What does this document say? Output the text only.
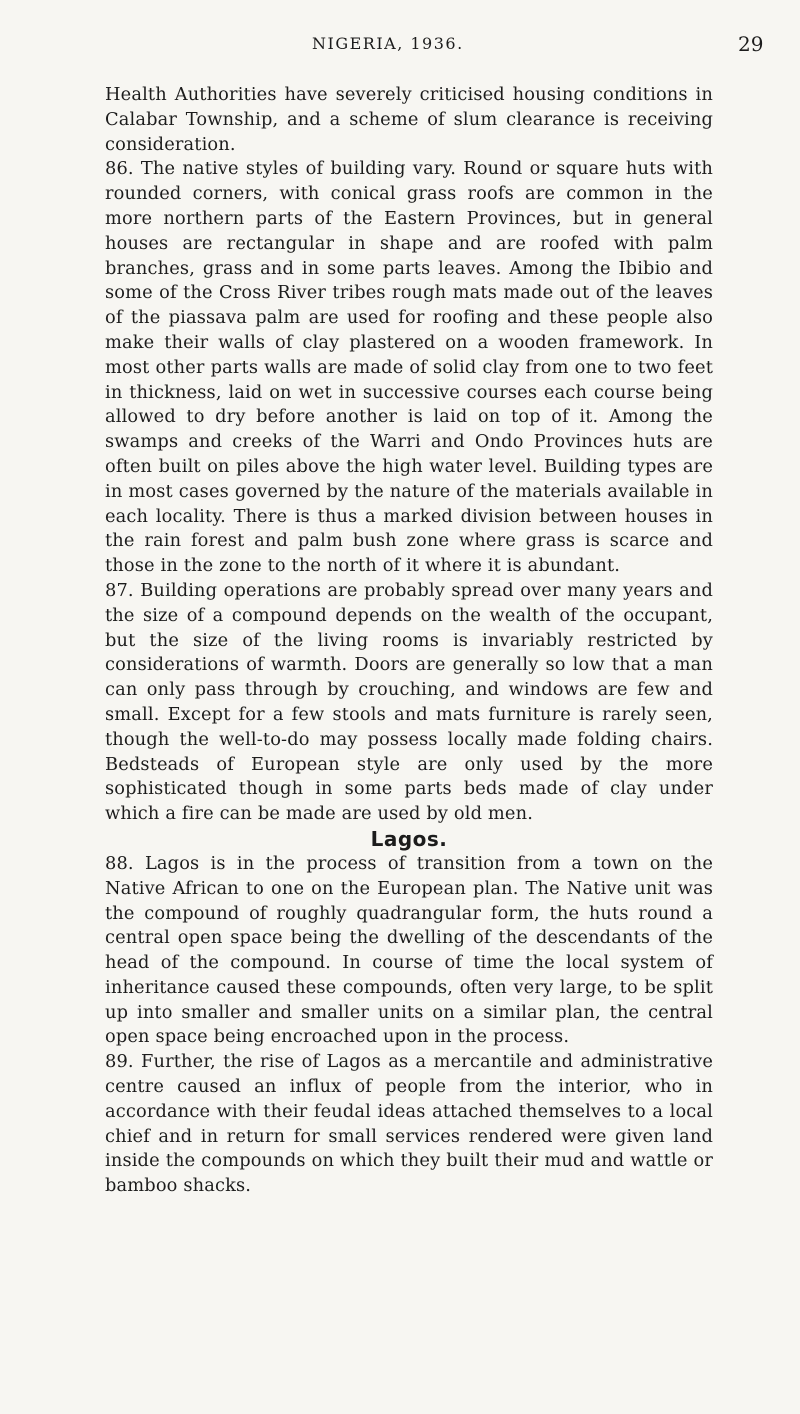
NIGERIA, 1936.	29

Health Authorities have severely criticised housing conditions in Calabar Township, and a scheme of slum clearance is receiving consideration.

86. The native styles of building vary. Round or square huts with rounded corners, with conical grass roofs are common in the more northern parts of the Eastern Provinces, but in general houses are rectangular in shape and are roofed with palm branches, grass and in some parts leaves. Among the Ibibio and some of the Cross River tribes rough mats made out of the leaves of the piassava palm are used for roofing and these people also make their walls of clay plastered on a wooden framework. In most other parts walls are made of solid clay from one to two feet in thickness, laid on wet in successive courses each course being allowed to dry before another is laid on top of it. Among the swamps and creeks of the Warri and Ondo Provinces huts are often built on piles above the high water level. Building types are in most cases governed by the nature of the materials available in each locality. There is thus a marked division between houses in the rain forest and palm bush zone where grass is scarce and those in the zone to the north of it where it is abundant.

87. Building operations are probably spread over many years and the size of a compound depends on the wealth of the occupant, but the size of the living rooms is invariably restricted by considerations of warmth. Doors are generally so low that a man can only pass through by crouching, and windows are few and small. Except for a few stools and mats furniture is rarely seen, though the well-to-do may possess locally made folding chairs. Bedsteads of European style are only used by the more sophisticated though in some parts beds made of clay under which a fire can be made are used by old men.

Lagos.

88. Lagos is in the process of transition from a town on the Native African to one on the European plan. The Native unit was the compound of roughly quadrangular form, the huts round a central open space being the dwelling of the descendants of the head of the compound. In course of time the local system of inheritance caused these compounds, often very large, to be split up into smaller and smaller units on a similar plan, the central open space being encroached upon in the process.

89. Further, the rise of Lagos as a mercantile and administrative centre caused an influx of people from the interior, who in accordance with their feudal ideas attached themselves to a local chief and in return for small services rendered were given land inside the compounds on which they built their mud and wattle or bamboo shacks.
